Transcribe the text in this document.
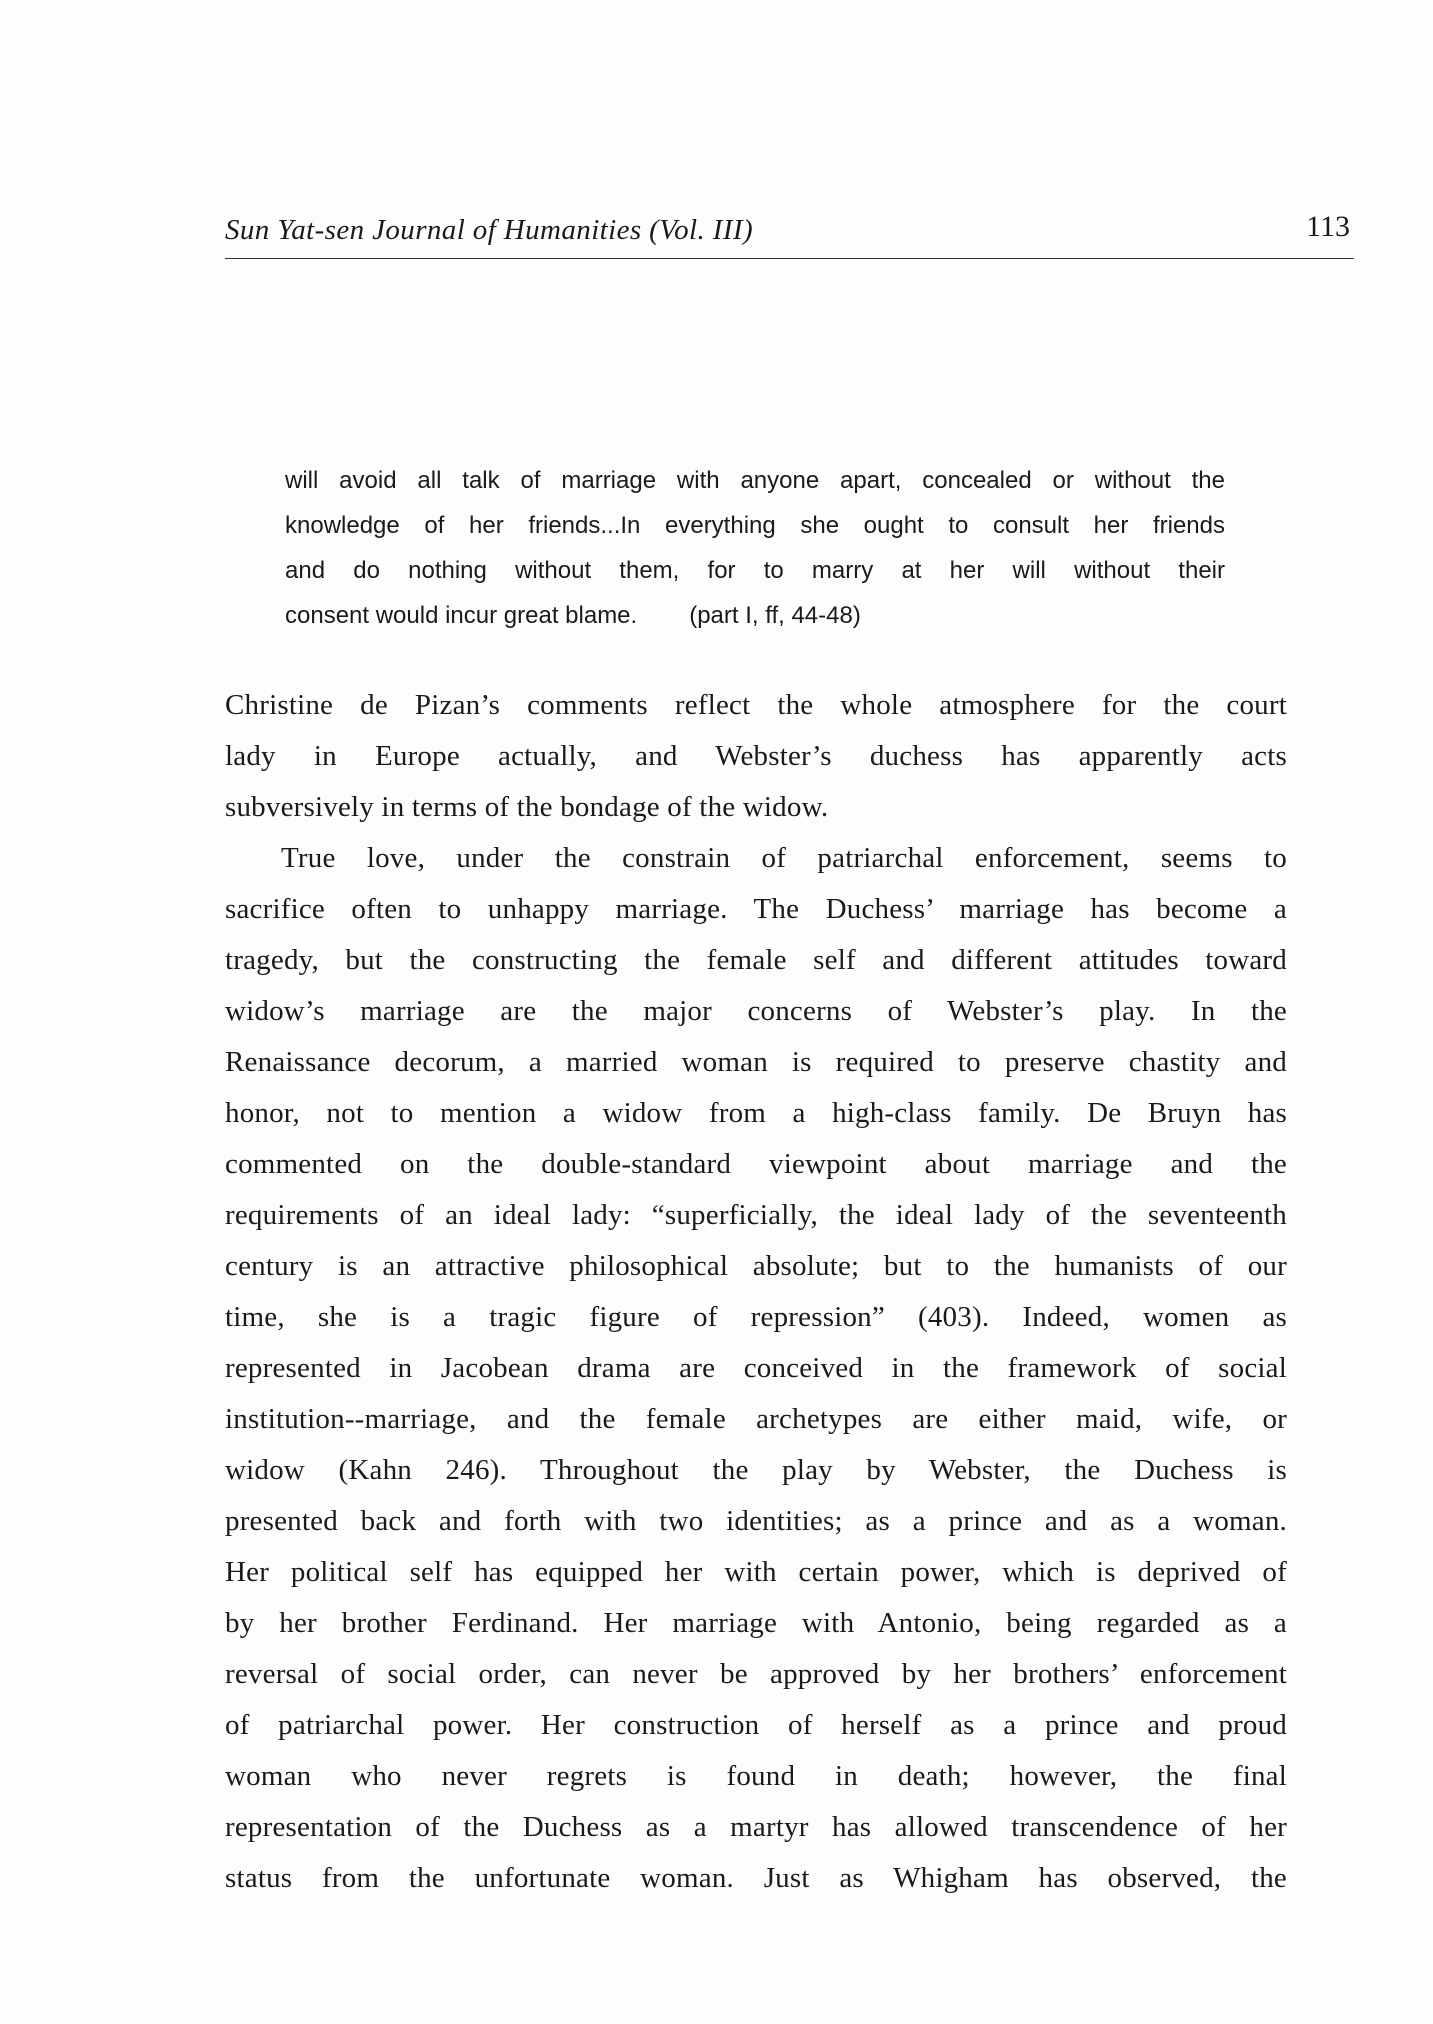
Sun Yat-sen Journal of Humanities (Vol. III)	113
will avoid all talk of marriage with anyone apart, concealed or without the
knowledge of her friends...In everything she ought to consult her friends
and do nothing without them, for to marry at her will without their
consent would incur great blame. (part I, ff, 44-48)
Christine de Pizan’s comments reflect the whole atmosphere for the court
lady in Europe actually, and Webster’s duchess has apparently acts
subversively in terms of the bondage of the widow.
True love, under the constrain of patriarchal enforcement, seems to
sacrifice often to unhappy marriage. The Duchess’ marriage has become a
tragedy, but the constructing the female self and different attitudes toward
widow’s marriage are the major concerns of Webster’s play. In the
Renaissance decorum, a married woman is required to preserve chastity and
honor, not to mention a widow from a high-class family. De Bruyn has
commented on the double-standard viewpoint about marriage and the
requirements of an ideal lady: “superficially, the ideal lady of the seventeenth
century is an attractive philosophical absolute; but to the humanists of our
time, she is a tragic figure of repression” (403). Indeed, women as
represented in Jacobean drama are conceived in the framework of social
institution--marriage, and the female archetypes are either maid, wife, or
widow (Kahn 246). Throughout the play by Webster, the Duchess is
presented back and forth with two identities; as a prince and as a woman.
Her political self has equipped her with certain power, which is deprived of
by her brother Ferdinand. Her marriage with Antonio, being regarded as a
reversal of social order, can never be approved by her brothers’ enforcement
of patriarchal power. Her construction of herself as a prince and proud
woman who never regrets is found in death; however, the final
representation of the Duchess as a martyr has allowed transcendence of her
status from the unfortunate woman. Just as Whigham has observed, the
